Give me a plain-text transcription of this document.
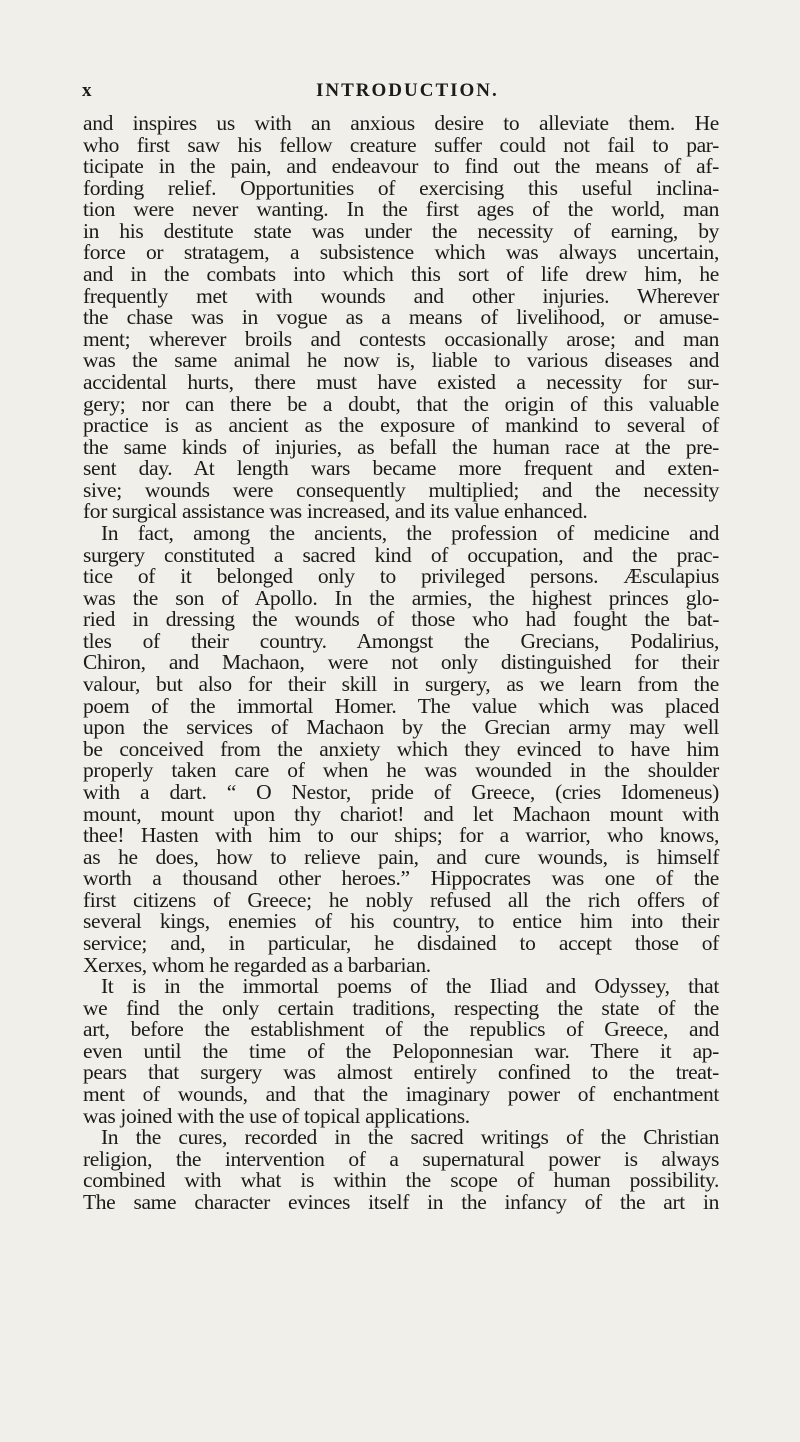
x	INTRODUCTION.
and inspires us with an anxious desire to alleviate them. He
who first saw his fellow creature suffer could not fail to par-
ticipate in the pain, and endeavour to find out the means of af-
fording relief. Opportunities of exercising this useful inclina-
tion were never wanting. In the first ages of the world, man
in his destitute state was under the necessity of earning, by
force or stratagem, a subsistence which was always uncertain,
and in the combats into which this sort of life drew him, he
frequently met with wounds and other injuries. Wherever
the chase was in vogue as a means of livelihood, or amuse-
ment; wherever broils and contests occasionally arose; and man
was the same animal he now is, liable to various diseases and
accidental hurts, there must have existed a necessity for sur-
gery; nor can there be a doubt, that the origin of this valuable
practice is as ancient as the exposure of mankind to several of
the same kinds of injuries, as befall the human race at the pre-
sent day. At length wars became more frequent and exten-
sive; wounds were consequently multiplied; and the necessity
for surgical assistance was increased, and its value enhanced.
In fact, among the ancients, the profession of medicine and
surgery constituted a sacred kind of occupation, and the prac-
tice of it belonged only to privileged persons. Æsculapius
was the son of Apollo. In the armies, the highest princes glo-
ried in dressing the wounds of those who had fought the bat-
tles of their country. Amongst the Grecians, Podalirius,
Chiron, and Machaon, were not only distinguished for their
valour, but also for their skill in surgery, as we learn from the
poem of the immortal Homer. The value which was placed
upon the services of Machaon by the Grecian army may well
be conceived from the anxiety which they evinced to have him
properly taken care of when he was wounded in the shoulder
with a dart. “ O Nestor, pride of Greece, (cries Idomeneus)
mount, mount upon thy chariot! and let Machaon mount with
thee! Hasten with him to our ships; for a warrior, who knows,
as he does, how to relieve pain, and cure wounds, is himself
worth a thousand other heroes.” Hippocrates was one of the
first citizens of Greece; he nobly refused all the rich offers of
several kings, enemies of his country, to entice him into their
service; and, in particular, he disdained to accept those of
Xerxes, whom he regarded as a barbarian.
It is in the immortal poems of the Iliad and Odyssey, that
we find the only certain traditions, respecting the state of the
art, before the establishment of the republics of Greece, and
even until the time of the Peloponnesian war. There it ap-
pears that surgery was almost entirely confined to the treat-
ment of wounds, and that the imaginary power of enchantment
was joined with the use of topical applications.
In the cures, recorded in the sacred writings of the Christian
religion, the intervention of a supernatural power is always
combined with what is within the scope of human possibility.
The same character evinces itself in the infancy of the art in
